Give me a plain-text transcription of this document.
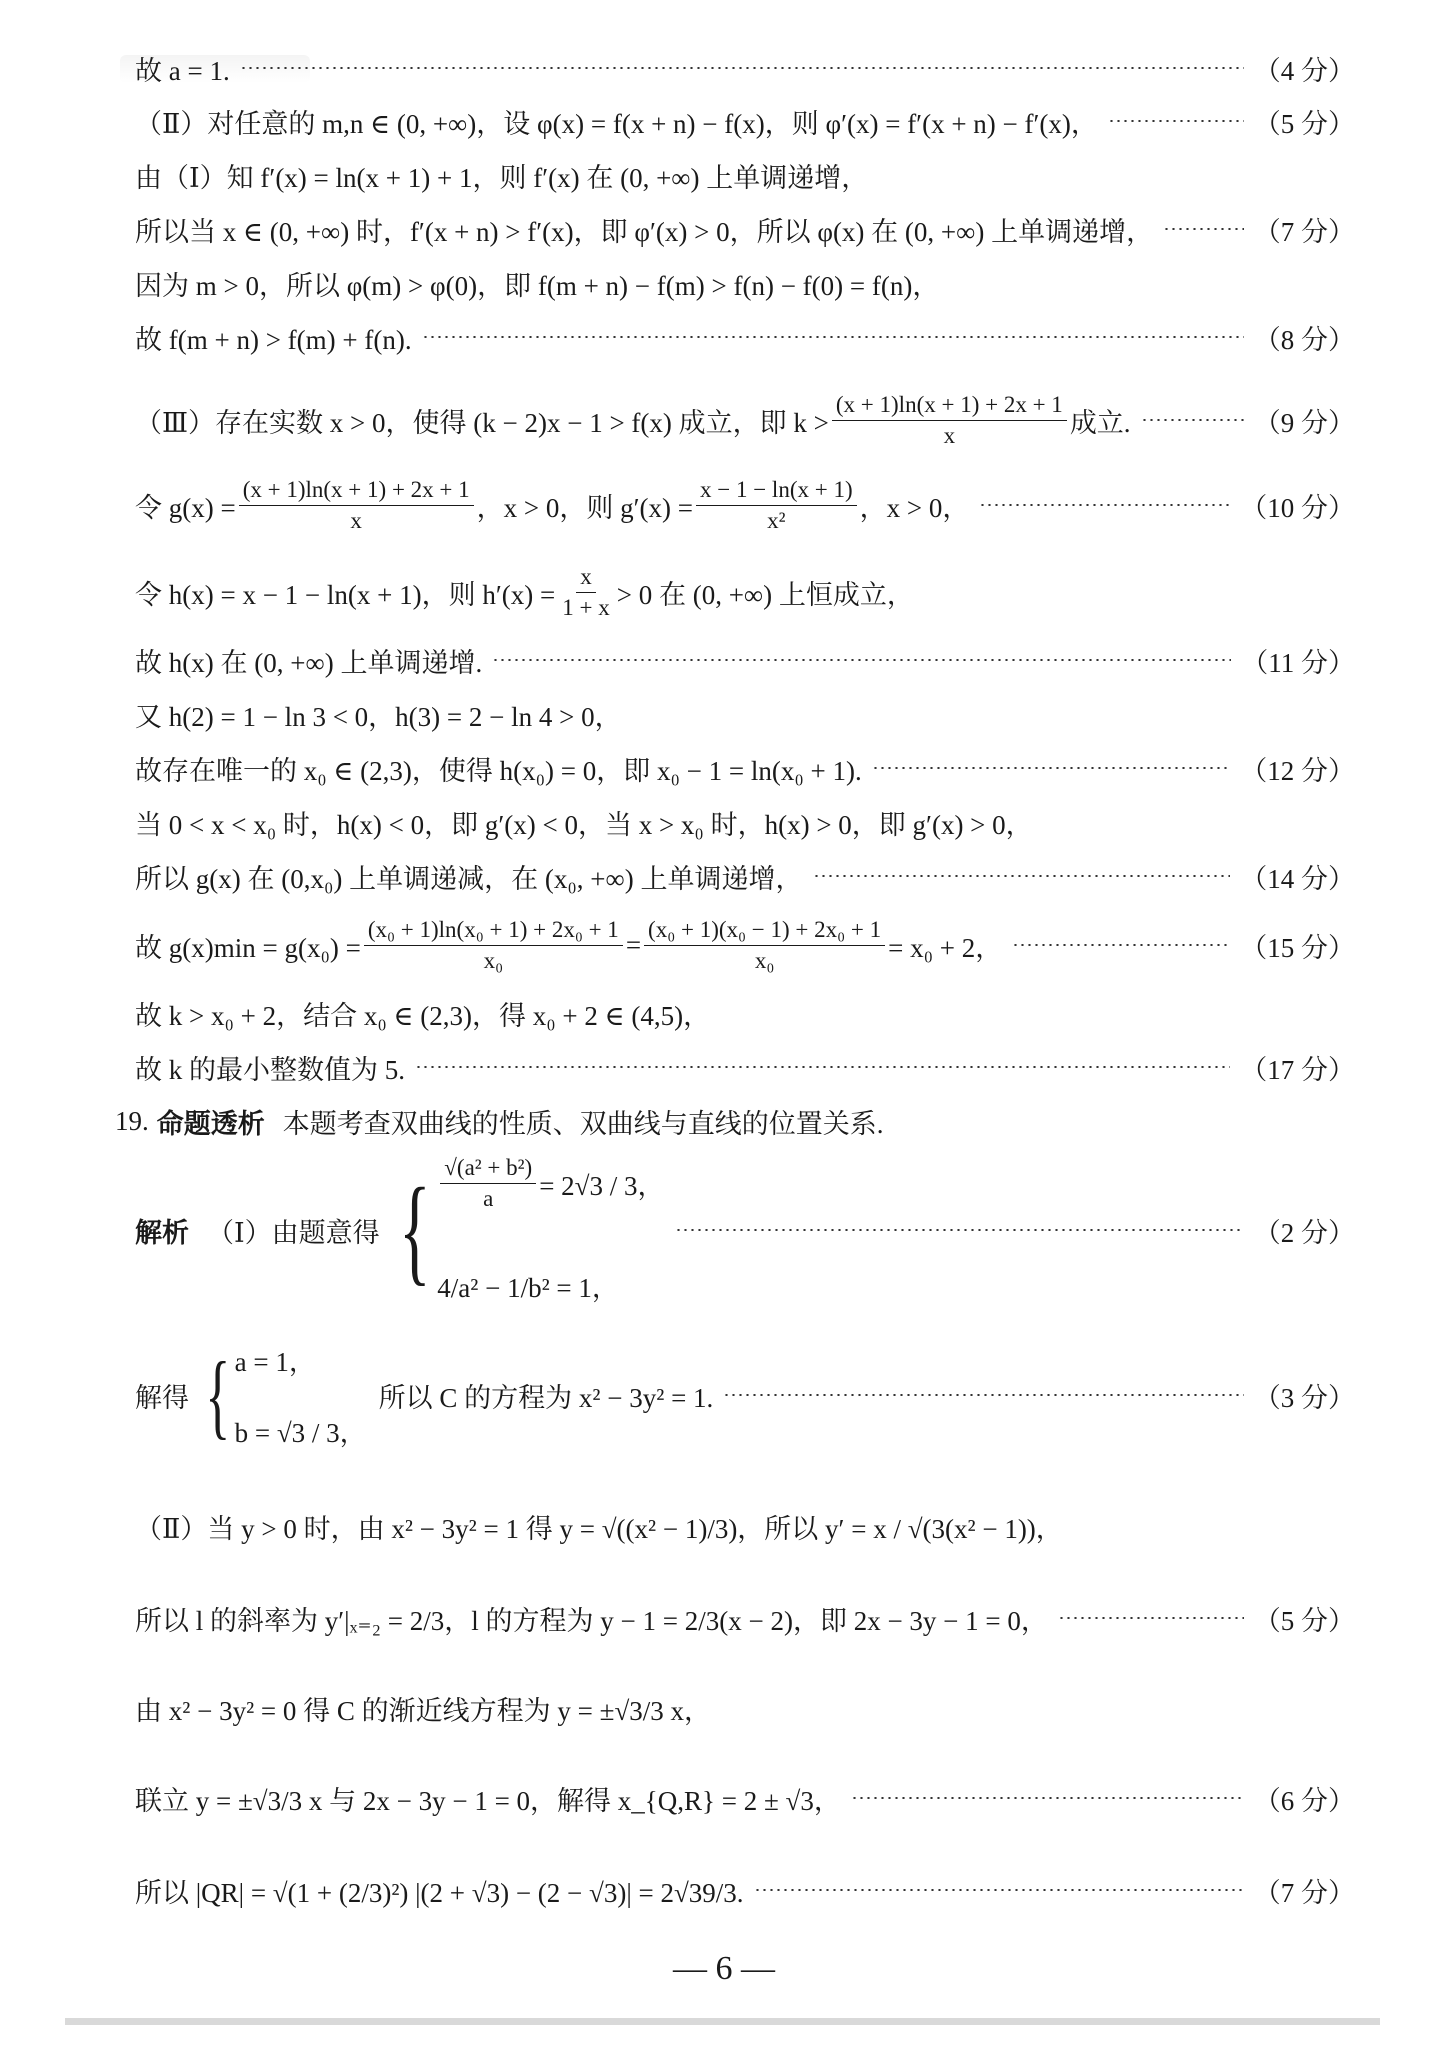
故 a = 1.	（4 分）
（Ⅱ）对任意的 m,n ∈ (0, +∞)，设 φ(x) = f(x + n) − f(x)，则 φ′(x) = f′(x + n) − f′(x)，	（5 分）
由（Ⅰ）知 f′(x) = ln(x + 1) + 1，则 f′(x) 在 (0, +∞) 上单调递增，
所以当 x ∈ (0, +∞) 时，f′(x + n) > f′(x)，即 φ′(x) > 0，所以 φ(x) 在 (0, +∞) 上单调递增，	（7 分）
因为 m > 0，所以 φ(m) > φ(0)，即 f(m + n) − f(m) > f(n) − f(0) = f(n)，
故 f(m + n) > f(m) + f(n).	（8 分）
（Ⅲ）存在实数 x > 0，使得 (k − 2)x − 1 > f(x) 成立，即 $k > \frac{(x + 1)\ln(x + 1) + 2x + 1}{x}$ 成立.	（9 分）
令 $g(x) = \frac{(x + 1)\ln(x + 1) + 2x + 1}{x}$ ，x > 0，则 $g'(x) = \frac{x - 1 - \ln(x + 1)}{\text{x²}}$ ，x > 0，	（10 分）
令 h(x) = x − 1 − ln(x + 1)，则 $h'(x) = \frac{x}{1 + x} > 0$ 在 (0, +∞) 上恒成立，
故 h(x) 在 (0, +∞) 上单调递增.	（11 分）
又 h(2) = 1 − ln 3 < 0，h(3) = 2 − ln 4 > 0，
故存在唯一的 x₀ ∈ (2,3)，使得 h(x₀) = 0，即 x₀ − 1 = ln(x₀ + 1).	（12 分）
当 0 < x < x₀ 时，h(x) < 0，即 g′(x) < 0，当 x > x₀ 时，h(x) > 0，即 g′(x) > 0，
所以 g(x) 在 (0,x₀) 上单调递减，在 (x₀, +∞) 上单调递增，	（14 分）
故 $g(x)\min = g(x_0) = \frac{\text{(x₀ + 1)ln(x₀ + 1) + 2x₀ + 1}}{\text{x₀}} = \frac{\text{(x₀ + 1)(x₀ − 1) + 2x₀ + 1}}{\text{x₀}} = x_0 + 2$，	（15 分）
故 k > x₀ + 2，结合 x₀ ∈ (2,3)，得 x₀ + 2 ∈ (4,5)，
故 k 的最小整数值为 5.	（17 分）
19. 命题透析 本题考查双曲线的性质、双曲线与直线的位置关系.
解析 （Ⅰ）由题意得 { $\frac{\text{√(a² + b²)}}{a} = 2√3 / 3$，
4/a² − 1/b² = 1，
（2 分）
解得 { a = 1，
b = √3 / 3，
所以 C 的方程为 x² − 3y² = 1.	（3 分）
（Ⅱ）当 y > 0 时，由 x² − 3y² = 1 得 y = √((x² − 1)/3)，所以 y′ = x / √(3(x² − 1))，
所以 l 的斜率为 y′|ₓ₌₂ = 2/3，l 的方程为 y − 1 = 2/3(x − 2)，即 2x − 3y − 1 = 0，	（5 分）
由 x² − 3y² = 0 得 C 的渐近线方程为 y = ±√3/3 x，
联立 y = ±√3/3 x 与 2x − 3y − 1 = 0，解得 x_{Q,R} = 2 ± √3，	（6 分）
所以 |QR| = √(1 + (2/3)²) |(2 + √3) − (2 − √3)| = 2√39/3.	（7 分）
— 6 —
